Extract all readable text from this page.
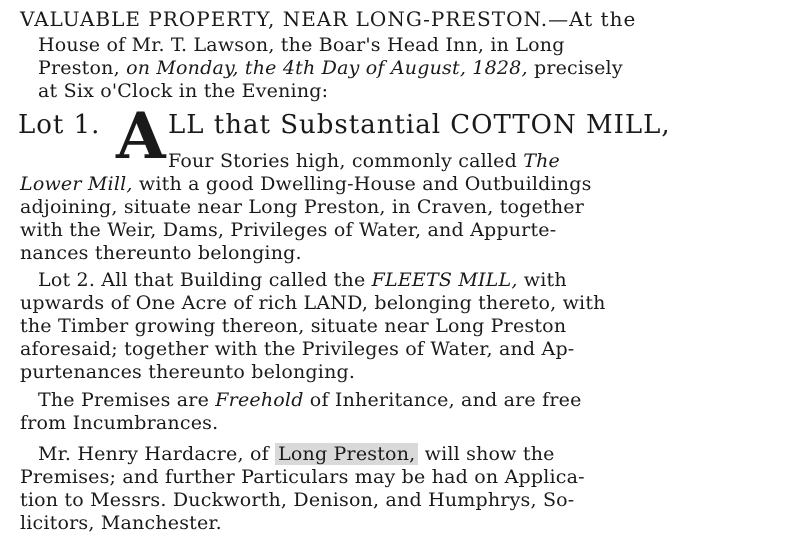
VALUABLE PROPERTY, NEAR LONG-PRESTON.—At the
House of Mr. T. Lawson, the Boar's Head Inn, in Long
Preston, on Monday, the 4th Day of August, 1828, precisely
at Six o'Clock in the Evening:
Lot 1. A LL that Substantial COTTON MILL,
Four Stories high, commonly called The
Lower Mill, with a good Dwelling-House and Outbuildings
adjoining, situate near Long Preston, in Craven, together
with the Weir, Dams, Privileges of Water, and Appurte-
nances thereunto belonging.
Lot 2. All that Building called the FLEETS MILL, with
upwards of One Acre of rich LAND, belonging thereto, with
the Timber growing thereon, situate near Long Preston
aforesaid; together with the Privileges of Water, and Ap-
purtenances thereunto belonging.
The Premises are Freehold of Inheritance, and are free
from Incumbrances.
Mr. Henry Hardacre, of Long Preston, will show the
Premises; and further Particulars may be had on Applica-
tion to Messrs. Duckworth, Denison, and Humphrys, So-
licitors, Manchester.
